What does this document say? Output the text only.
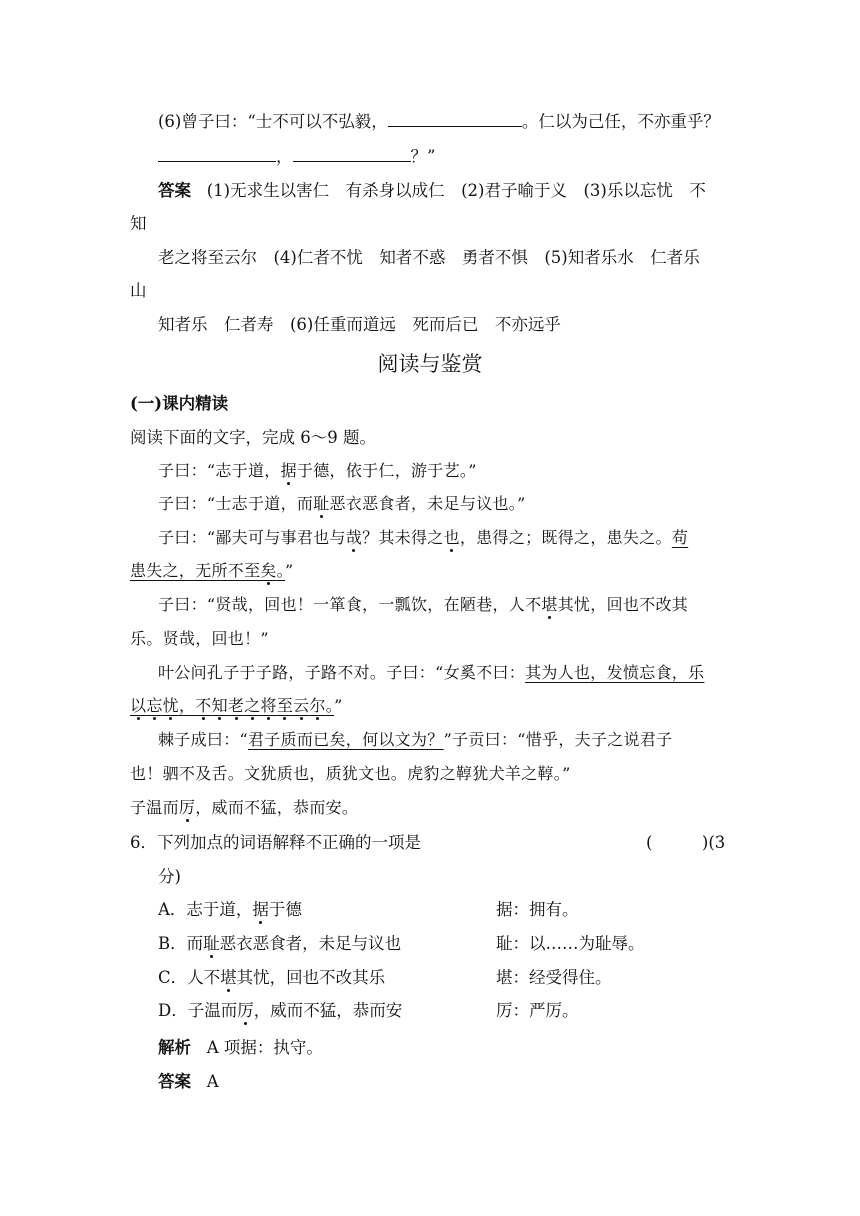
(6)曾子曰：“士不可以不弘毅，	。仁以为己任，不亦重乎？
，	？”
答案 (1)无求生以害仁　有杀身以成仁　(2)君子喻于义　(3)乐以忘忧　不
知
老之将至云尔　(4)仁者不忧　知者不惑　勇者不惧　(5)知者乐水　仁者乐
山
知者乐　仁者寿　(6)任重而道远　死而后已　不亦远乎
阅读与鉴赏
(一)课内精读
阅读下面的文字，完成 6～9 题。
子曰：“志于道，据于德，依于仁，游于艺。”
子曰：“士志于道，而耻恶衣恶食者，未足与议也。”
子曰：“鄙夫可与事君也与哉？其未得之也，患得之；既得之，患失之。苟
患失之，无所不至矣。”
子曰：“贤哉，回也！一箪食，一瓢饮，在陋巷，人不堪其忧，回也不改其
乐。贤哉，回也！”
叶公问孔子于子路，子路不对。子曰：“女奚不曰：其为人也，发愤忘食，乐
以忘忧，不知老之将至云尔。”
棘子成曰：“君子质而已矣，何以文为？”子贡曰：“惜乎，夫子之说君子
也！驷不及舌。文犹质也，质犹文也。虎豹之鞟犹犬羊之鞟。”
子温而厉，威而不猛，恭而安。
6．下列加点的词语解释不正确的一项是	(　　　)(3
分)
A．志于道，据于德	据：拥有。
B．而耻恶衣恶食者，未足与议也	耻：以……为耻辱。
C．人不堪其忧，回也不改其乐	堪：经受得住。
D．子温而厉，威而不猛，恭而安	厉：严厉。
解析 A 项据：执守。
答案 A
